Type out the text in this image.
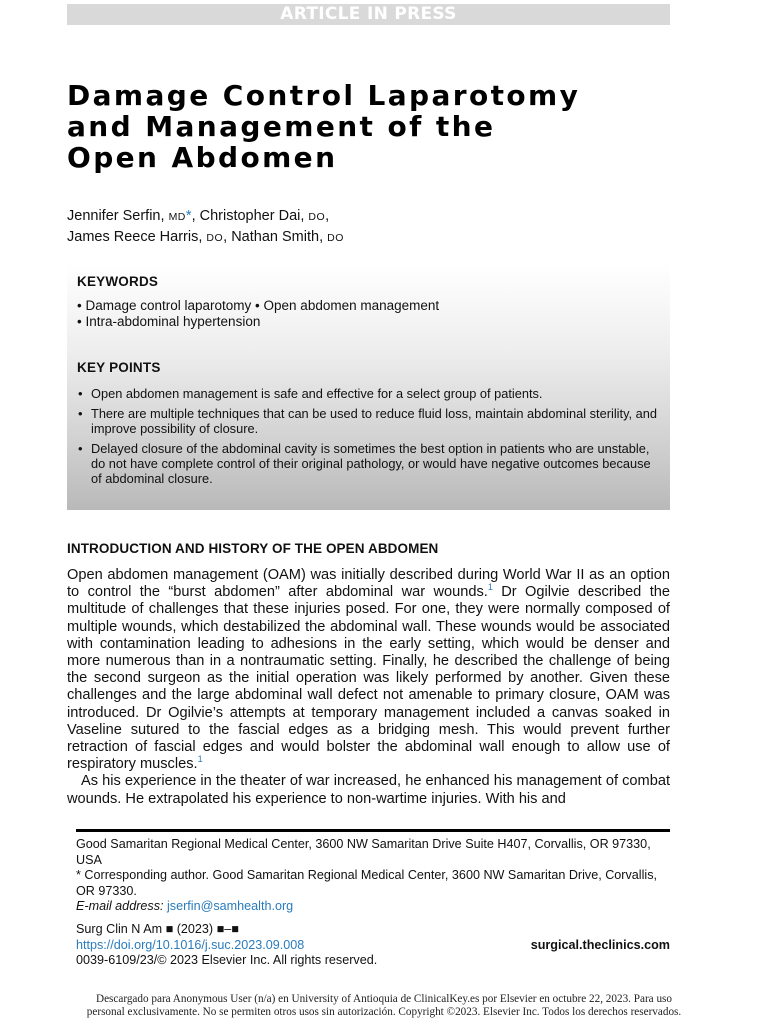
ARTICLE IN PRESS
Damage Control Laparotomy
and Management of the
Open Abdomen
Jennifer Serfin, MD*, Christopher Dai, DO,
James Reece Harris, DO, Nathan Smith, DO
KEYWORDS
• Damage control laparotomy • Open abdomen management
• Intra-abdominal hypertension
KEY POINTS
• Open abdomen management is safe and effective for a select group of patients.
• There are multiple techniques that can be used to reduce fluid loss, maintain abdominal sterility, and improve possibility of closure.
• Delayed closure of the abdominal cavity is sometimes the best option in patients who are unstable, do not have complete control of their original pathology, or would have negative outcomes because of abdominal closure.
INTRODUCTION AND HISTORY OF THE OPEN ABDOMEN

Open abdomen management (OAM) was initially described during World War II as an option to control the “burst abdomen” after abdominal war wounds.$^1$ Dr Ogilvie described the multitude of challenges that these injuries posed. For one, they were normally composed of multiple wounds, which destabilized the abdominal wall. These wounds would be associated with contamination leading to adhesions in the early setting, which would be denser and more numerous than in a nontraumatic setting. Finally, he described the challenge of being the second surgeon as the initial operation was likely performed by another. Given these challenges and the large abdominal wall defect not amenable to primary closure, OAM was introduced. Dr Ogilvie’s attempts at temporary management included a canvas soaked in Vaseline sutured to the fascial edges as a bridging mesh. This would prevent further retraction of fascial edges and would bolster the abdominal wall enough to allow use of respiratory muscles.$^1$

As his experience in the theater of war increased, he enhanced his management of combat wounds. He extrapolated his experience to non-wartime injuries. With his and

Good Samaritan Regional Medical Center, 3600 NW Samaritan Drive Suite H407, Corvallis, OR 97330, USA
* Corresponding author. Good Samaritan Regional Medical Center, 3600 NW Samaritan Drive, Corvallis, OR 97330.
E-mail address: jserfin@samhealth.org
Surg Clin N Am ■ (2023) ■–■
https://doi.org/10.1016/j.suc.2023.09.008
0039-6109/23/© 2023 Elsevier Inc. All rights reserved.
surgical.theclinics.com
Descargado para Anonymous User (n/a) en University of Antioquia de ClinicalKey.es por Elsevier en octubre 22, 2023. Para uso
personal exclusivamente. No se permiten otros usos sin autorización. Copyright ©2023. Elsevier Inc. Todos los derechos reservados.
